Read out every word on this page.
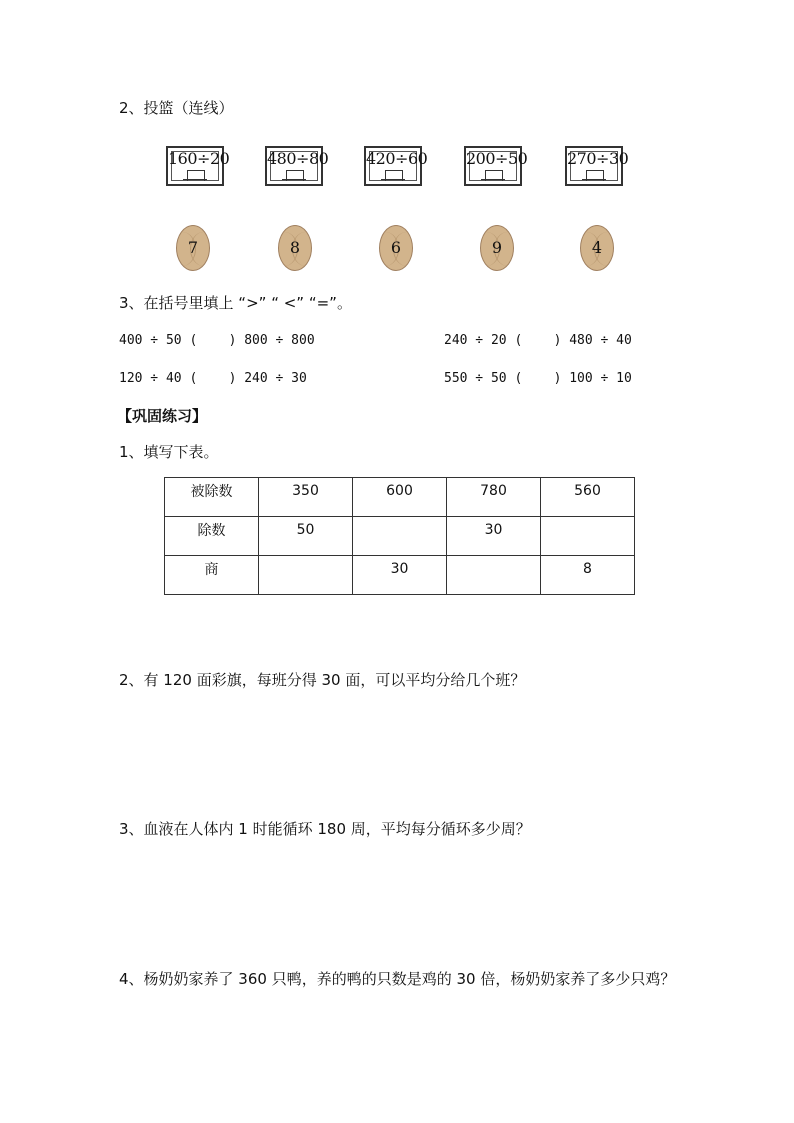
2、投篮（连线）
160÷20 480÷80 420÷60 200÷50 270÷30
7	8	6	9	4
3、在括号里填上 “>” “ <” “=”。
400 ÷ 50 (    ) 800 ÷ 800	240 ÷ 20 (    ) 480 ÷ 40
120 ÷ 40 (    ) 240 ÷ 30	550 ÷ 50 (    ) 100 ÷ 10
【巩固练习】
1、填写下表。
被除数	350	600	780	560
除数	50		30	
商		30		8
2、有 120 面彩旗，每班分得 30 面，可以平均分给几个班？
3、血液在人体内 1 时能循环 180 周，平均每分循环多少周？
4、杨奶奶家养了 360 只鸭，养的鸭的只数是鸡的 30 倍，杨奶奶家养了多少只鸡？
